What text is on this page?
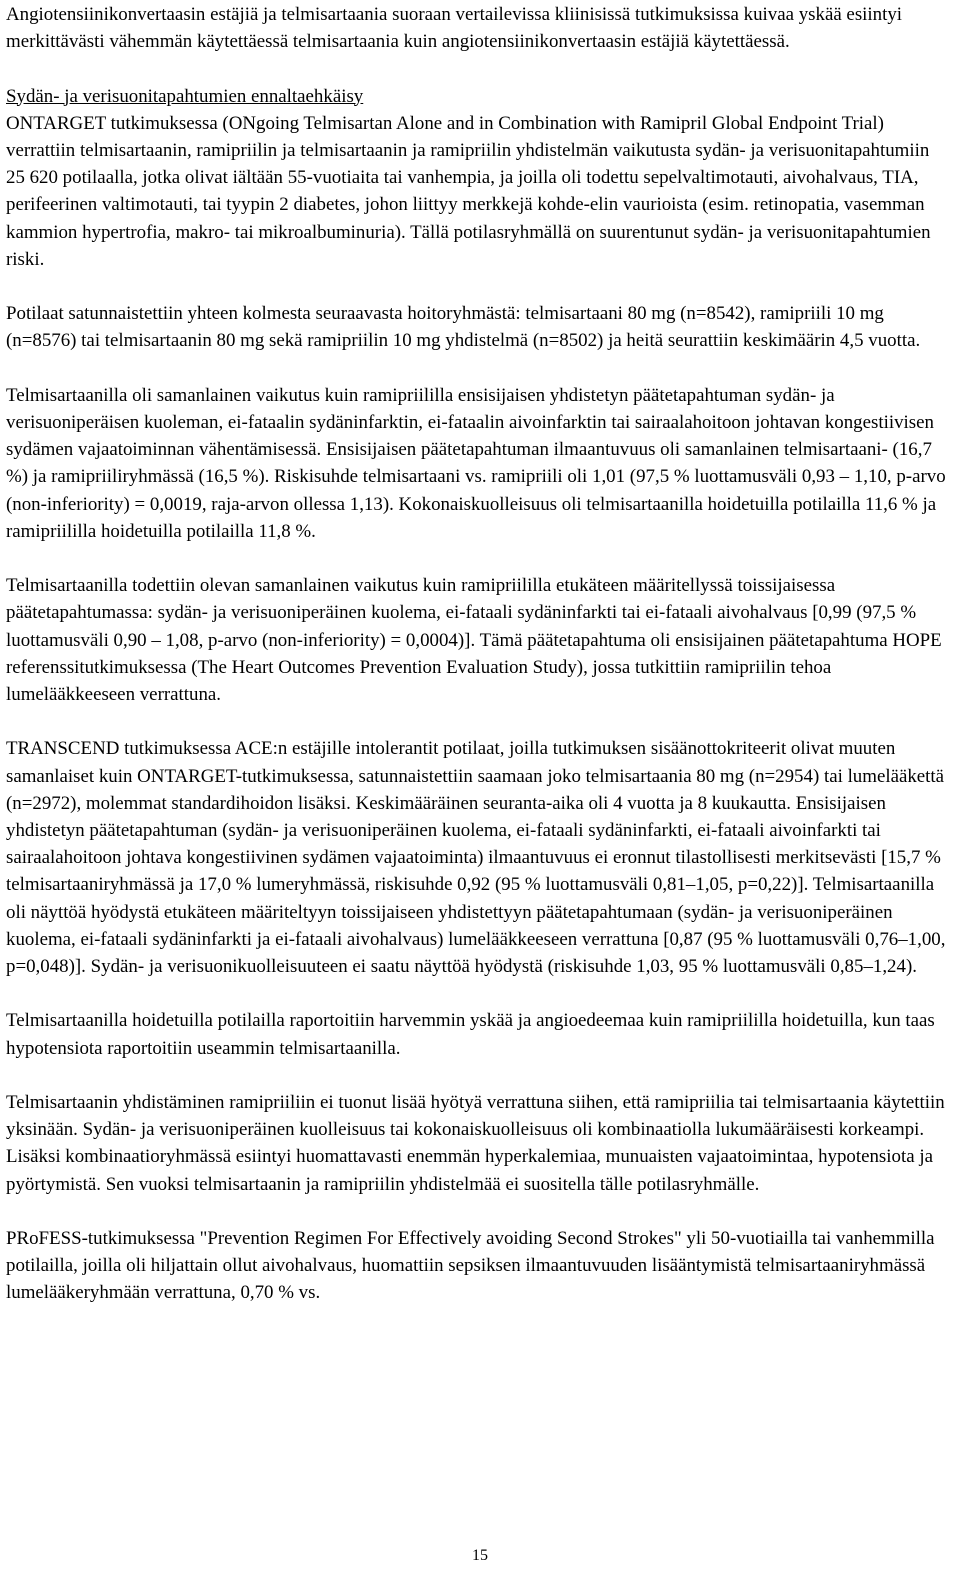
Angiotensiinikonvertaasin estäjiä ja telmisartaania suoraan vertailevissa kliinisissä tutkimuksissa kuivaa yskää esiintyi merkittävästi vähemmän käytettäessä telmisartaania kuin angiotensiinikonvertaasin estäjiä käytettäessä.

Sydän- ja verisuonitapahtumien ennaltaehkäisy

ONTARGET tutkimuksessa (ONgoing Telmisartan Alone and in Combination with Ramipril Global Endpoint Trial) verrattiin telmisartaanin, ramipriilin ja telmisartaanin ja ramipriilin yhdistelmän vaikutusta sydän- ja verisuonitapahtumiin 25 620 potilaalla, jotka olivat iältään 55-vuotiaita tai vanhempia, ja joilla oli todettu sepelvaltimotauti, aivohalvaus, TIA, perifeerinen valtimotauti, tai tyypin 2 diabetes, johon liittyy merkkejä kohde-elin vaurioista (esim. retinopatia, vasemman kammion hypertrofia, makro- tai mikroalbuminuria). Tällä potilasryhmällä on suurentunut sydän- ja verisuonitapahtumien riski.

Potilaat satunnaistettiin yhteen kolmesta seuraavasta hoitoryhmästä: telmisartaani 80 mg (n=8542), ramipriili 10 mg (n=8576) tai telmisartaanin 80 mg sekä ramipriilin 10 mg yhdistelmä (n=8502) ja heitä seurattiin keskimäärin 4,5 vuotta.

Telmisartaanilla oli samanlainen vaikutus kuin ramipriililla ensisijaisen yhdistetyn päätetapahtuman sydän- ja verisuoniperäisen kuoleman, ei-fataalin sydäninfarktin, ei-fataalin aivoinfarktin tai sairaalahoitoon johtavan kongestiivisen sydämen vajaatoiminnan vähentämisessä. Ensisijaisen päätetapahtuman ilmaantuvuus oli samanlainen telmisartaani- (16,7 %) ja ramipriiliryhmässä (16,5 %). Riskisuhde telmisartaani vs. ramipriili oli 1,01 (97,5 % luottamusväli 0,93 – 1,10, p-arvo (non-inferiority) = 0,0019, raja-arvon ollessa 1,13). Kokonaiskuolleisuus oli telmisartaanilla hoidetuilla potilailla 11,6 % ja ramipriililla hoidetuilla potilailla 11,8 %.

Telmisartaanilla todettiin olevan samanlainen vaikutus kuin ramipriililla etukäteen määritellyssä toissijaisessa päätetapahtumassa: sydän- ja verisuoniperäinen kuolema, ei-fataali sydäninfarkti tai ei-fataali aivohalvaus [0,99 (97,5 % luottamusväli 0,90 – 1,08, p-arvo (non-inferiority) = 0,0004)]. Tämä päätetapahtuma oli ensisijainen päätetapahtuma HOPE referenssitutkimuksessa (The Heart Outcomes Prevention Evaluation Study), jossa tutkittiin ramipriilin tehoa lumelääkkeeseen verrattuna.

TRANSCEND tutkimuksessa ACE:n estäjille intolerantit potilaat, joilla tutkimuksen sisäänottokriteerit olivat muuten samanlaiset kuin ONTARGET-tutkimuksessa, satunnaistettiin saamaan joko telmisartaania 80 mg (n=2954) tai lumelääkettä (n=2972), molemmat standardihoidon lisäksi. Keskimääräinen seuranta-aika oli 4 vuotta ja 8 kuukautta. Ensisijaisen yhdistetyn päätetapahtuman (sydän- ja verisuoniperäinen kuolema, ei-fataali sydäninfarkti, ei-fataali aivoinfarkti tai sairaalahoitoon johtava kongestiivinen sydämen vajaatoiminta) ilmaantuvuus ei eronnut tilastollisesti merkitsevästi [15,7 % telmisartaaniryhmässä ja 17,0 % lumeryhmässä, riskisuhde 0,92 (95 % luottamusväli 0,81–1,05, p=0,22)]. Telmisartaanilla oli näyttöä hyödystä etukäteen määriteltyyn toissijaiseen yhdistettyyn päätetapahtumaan (sydän- ja verisuoniperäinen kuolema, ei-fataali sydäninfarkti ja ei-fataali aivohalvaus) lumelääkkeeseen verrattuna [0,87 (95 % luottamusväli 0,76–1,00, p=0,048)]. Sydän- ja verisuonikuolleisuuteen ei saatu näyttöä hyödystä (riskisuhde 1,03, 95 % luottamusväli 0,85–1,24).

Telmisartaanilla hoidetuilla potilailla raportoitiin harvemmin yskää ja angioedeemaa kuin ramipriililla hoidetuilla, kun taas hypotensiota raportoitiin useammin telmisartaanilla.

Telmisartaanin yhdistäminen ramipriiliin ei tuonut lisää hyötyä verrattuna siihen, että ramipriilia tai telmisartaania käytettiin yksinään. Sydän- ja verisuoniperäinen kuolleisuus tai kokonaiskuolleisuus oli kombinaatiolla lukumääräisesti korkeampi. Lisäksi kombinaatioryhmässä esiintyi huomattavasti enemmän hyperkalemiaa, munuaisten vajaatoimintaa, hypotensiota ja pyörtymistä. Sen vuoksi telmisartaanin ja ramipriilin yhdistelmää ei suositella tälle potilasryhmälle.

PRoFESS-tutkimuksessa "Prevention Regimen For Effectively avoiding Second Strokes" yli 50-vuotiailla tai vanhemmilla potilailla, joilla oli hiljattain ollut aivohalvaus, huomattiin sepsiksen ilmaantuvuuden lisääntymistä telmisartaaniryhmässä lumelääkeryhmään verrattuna, 0,70 % vs.

15
